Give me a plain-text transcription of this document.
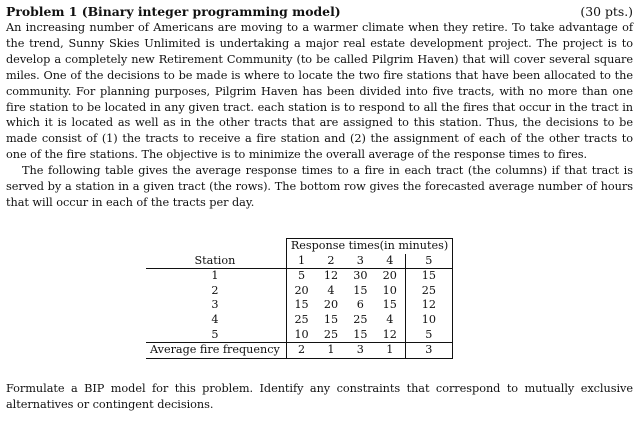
Problem 1 (Binary integer programming model)	(30 pts.)

An increasing number of Americans are moving to a warmer climate when they retire. To take advantage of the trend, Sunny Skies Unlimited is undertaking a major real estate development project. The project is to develop a completely new Retirement Community (to be called Pilgrim Haven) that will cover several square miles. One of the decisions to be made is where to locate the two fire stations that have been allocated to the community. For planning purposes, Pilgrim Haven has been divided into five tracts, with no more than one fire station to be located in any given tract. each station is to respond to all the fires that occur in the tract in which it is located as well as in the other tracts that are assigned to this station. Thus, the decisions to be made consist of (1) the tracts to receive a fire station and (2) the assignment of each of the other tracts to one of the fire stations. The objective is to minimize the overall average of the response times to fires.

The following table gives the average response times to a fire in each tract (the columns) if that tract is served by a station in a given tract (the rows). The bottom row gives the forecasted average number of hours that will occur in each of the tracts per day.

	Response times(in minutes)				
Station	1	2	3	4	5
1	5	12	30	20	15
2	20	4	15	10	25
3	15	20	6	15	12
4	25	15	25	4	10
5	10	25	15	12	5
Average fire frequency	2	1	3	1	3

Formulate a BIP model for this problem. Identify any constraints that correspond to mutually exclusive alternatives or contingent decisions.
